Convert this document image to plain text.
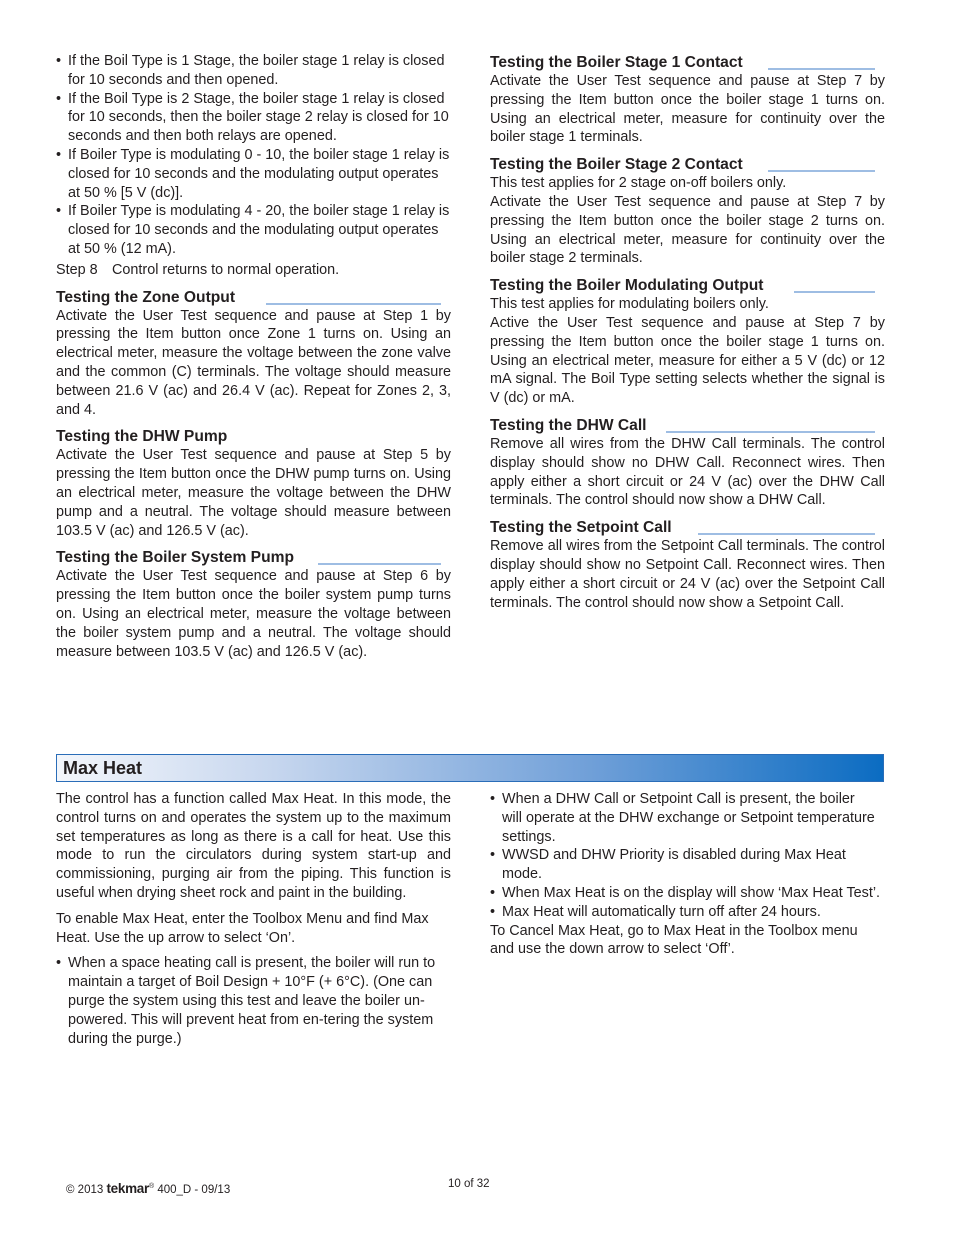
• If the Boil Type is 1 Stage, the boiler stage 1 relay is closed for 10 seconds and then opened.
• If the Boil Type is 2 Stage, the boiler stage 1 relay is closed for 10 seconds, then the boiler stage 2 relay is closed for 10 seconds and then both relays are opened.
• If Boiler Type is modulating 0 - 10, the boiler stage 1 relay is closed for 10 seconds and the modulating output operates at 50 % [5 V (dc)].
• If Boiler Type is modulating 4 - 20, the boiler stage 1 relay is closed for 10 seconds and the modulating output operates at 50 % (12 mA).
Step 8 Control returns to normal operation.
Testing the Zone Output

Activate the User Test sequence and pause at Step 1 by pressing the Item button once Zone 1 turns on. Using an electrical meter, measure the voltage between the zone valve and the common (C) terminals. The voltage should measure between 21.6 V (ac) and 26.4 V (ac). Repeat for Zones 2, 3, and 4.

Testing the DHW Pump

Activate the User Test sequence and pause at Step 5 by pressing the Item button once the DHW pump turns on. Using an electrical meter, measure the voltage between the DHW pump and a neutral. The voltage should measure between 103.5 V (ac) and 126.5 V (ac).

Testing the Boiler System Pump

Activate the User Test sequence and pause at Step 6 by pressing the Item button once the boiler system pump turns on. Using an electrical meter, measure the voltage between the boiler system pump and a neutral. The voltage should measure between 103.5 V (ac) and 126.5 V (ac).

Testing the Boiler Stage 1 Contact

Activate the User Test sequence and pause at Step 7 by pressing the Item button once the boiler stage 1 turns on. Using an electrical meter, measure for continuity over the boiler stage 1 terminals.

Testing the Boiler Stage 2 Contact

This test applies for 2 stage on-off boilers only.

Activate the User Test sequence and pause at Step 7 by pressing the Item button once the boiler stage 2 turns on. Using an electrical meter, measure for continuity over the boiler stage 2 terminals.

Testing the Boiler Modulating Output

This test applies for modulating boilers only.

Active the User Test sequence and pause at Step 7 by pressing the Item button once the boiler stage 1 turns on. Using an electrical meter, measure for either a 5 V (dc) or 12 mA signal. The Boil Type setting selects whether the signal is V (dc) or mA.

Testing the DHW Call

Remove all wires from the DHW Call terminals. The control display should show no DHW Call. Reconnect wires. Then apply either a short circuit or 24 V (ac) over the DHW Call terminals. The control should now show a DHW Call.

Testing the Setpoint Call

Remove all wires from the Setpoint Call terminals. The control display should show no Setpoint Call. Reconnect wires. Then apply either a short circuit or 24 V (ac) over the Setpoint Call terminals. The control should now show a Setpoint Call.

Max Heat

The control has a function called Max Heat. In this mode, the control turns on and operates the system up to the maximum set temperatures as long as there is a call for heat. Use this mode to run the circulators during system start-up and commissioning, purging air from the piping. This function is useful when drying sheet rock and paint in the building.

To enable Max Heat, enter the Toolbox Menu and find Max Heat. Use the up arrow to select ‘On’.

• When a space heating call is present, the boiler will run to maintain a target of Boil Design + 10°F (+ 6°C). (One can purge the system using this test and leave the boiler un-powered. This will prevent heat from en-tering the system during the purge.)
• When a DHW Call or Setpoint Call is present, the boiler will operate at the DHW exchange or Setpoint temperature settings.
• WWSD and DHW Priority is disabled during Max Heat mode.
• When Max Heat is on the display will show ‘Max Heat Test’.
• Max Heat will automatically turn off after 24 hours.

To Cancel Max Heat, go to Max Heat in the Toolbox menu and use the down arrow to select ‘Off’.

© 2013 tekmar® 400_D - 09/13	10 of 32
